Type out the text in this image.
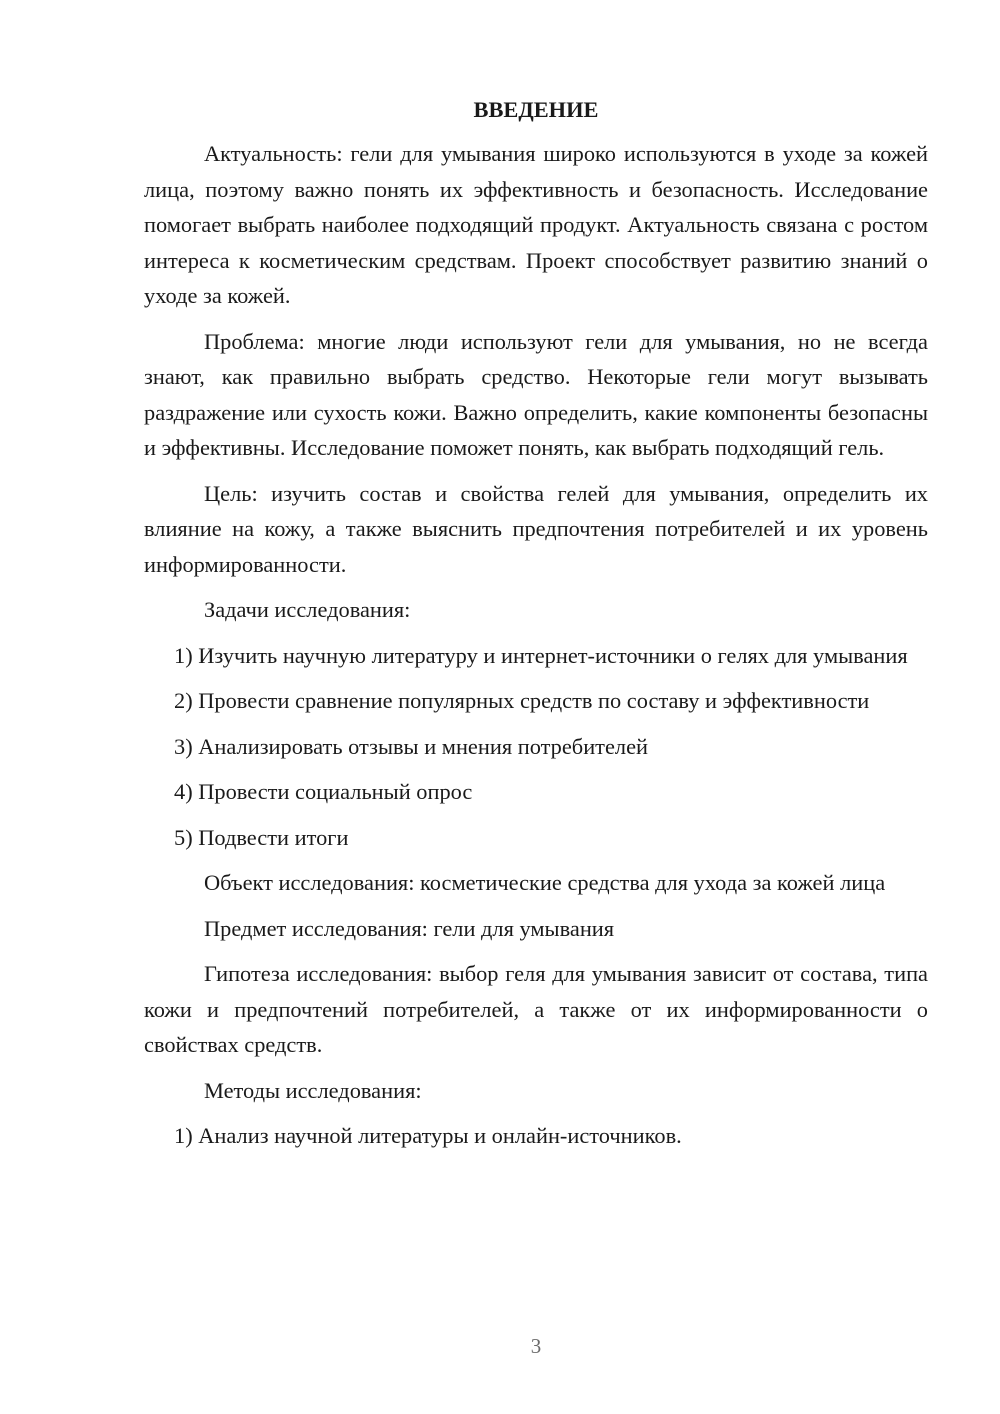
ВВЕДЕНИЕ

Актуальность: гели для умывания широко используются в уходе за кожей лица, поэтому важно понять их эффективность и безопасность. Исследование помогает выбрать наиболее подходящий продукт. Актуальность связана с ростом интереса к косметическим средствам. Проект способствует развитию знаний о уходе за кожей.

Проблема: многие люди используют гели для умывания, но не всегда знают, как правильно выбрать средство. Некоторые гели могут вызывать раздражение или сухость кожи. Важно определить, какие компоненты безопасны и эффективны. Исследование поможет понять, как выбрать подходящий гель.

Цель: изучить состав и свойства гелей для умывания, определить их влияние на кожу, а также выяснить предпочтения потребителей и их уровень информированности.

Задачи исследования:

1) Изучить научную литературу и интернет-источники о гелях для умывания

2) Провести сравнение популярных средств по составу и эффективности

3) Анализировать отзывы и мнения потребителей

4) Провести социальный опрос

5) Подвести итоги

Объект исследования: косметические средства для ухода за кожей лица

Предмет исследования: гели для умывания

Гипотеза исследования: выбор геля для умывания зависит от состава, типа кожи и предпочтений потребителей, а также от их информированности о свойствах средств.

Методы исследования:

1) Анализ научной литературы и онлайн-источников.

3
